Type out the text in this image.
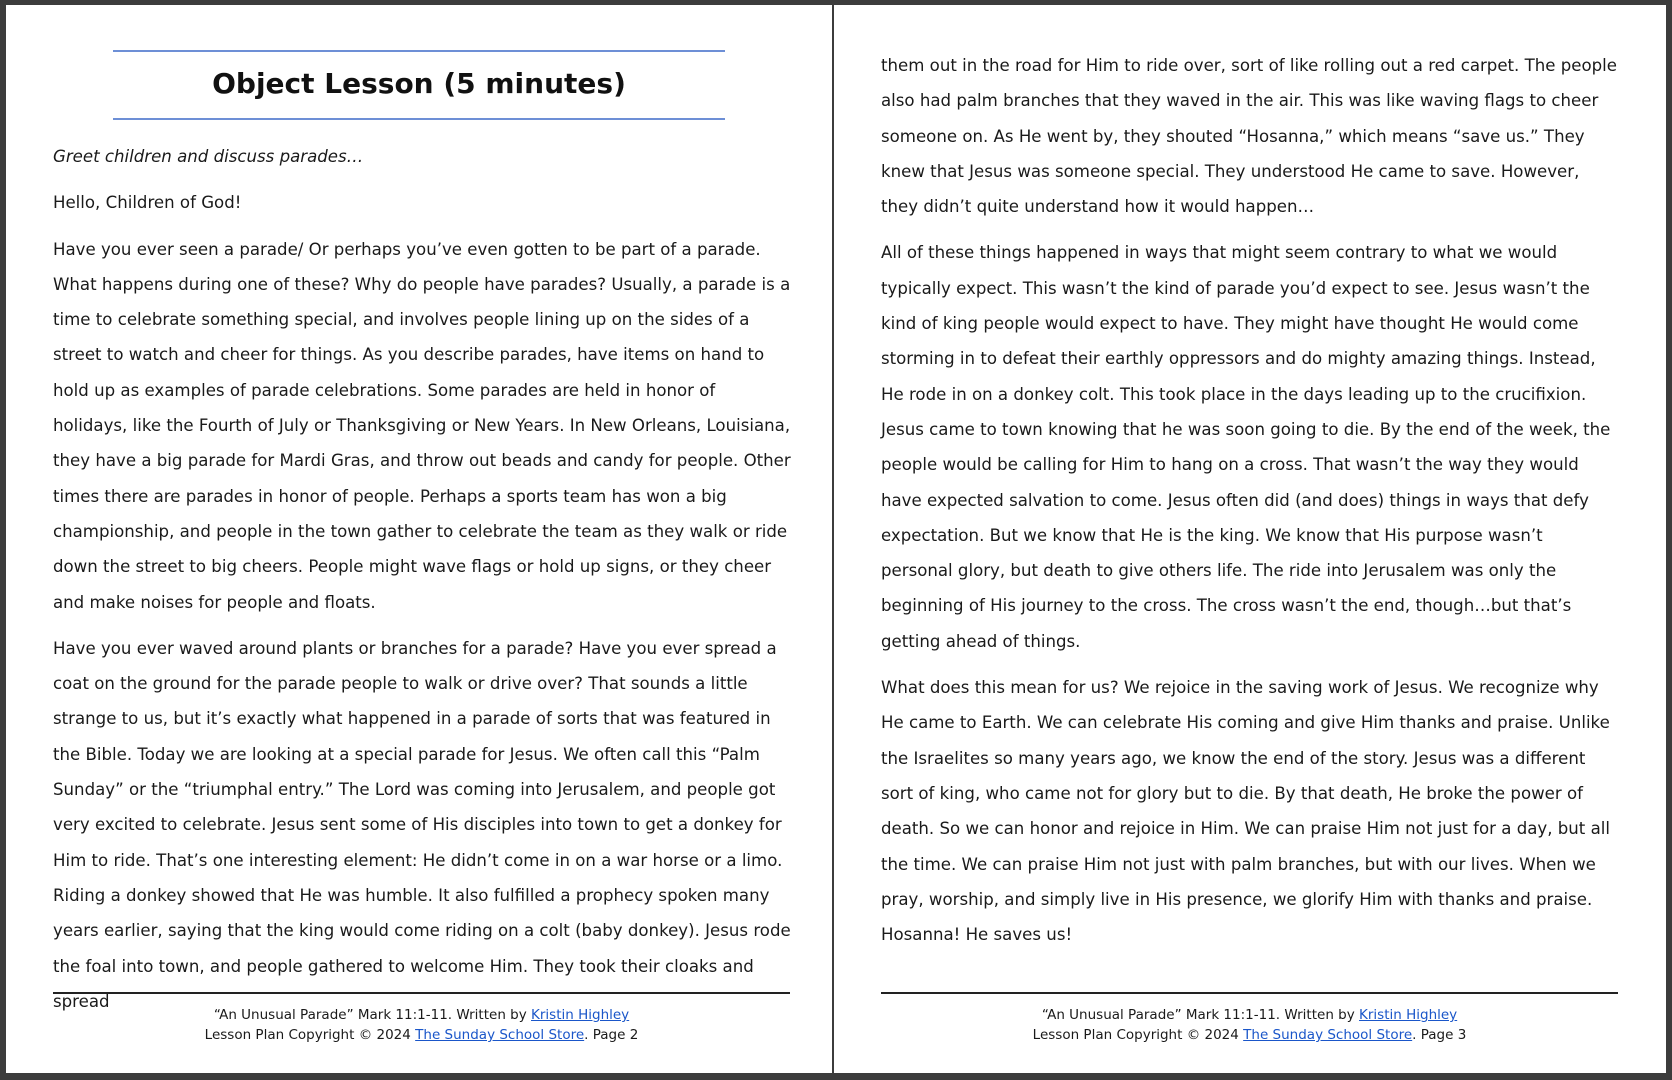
Object Lesson (5 minutes)

Greet children and discuss parades…

Hello, Children of God!

Have you ever seen a parade/ Or perhaps you’ve even gotten to be part of a parade. What happens during one of these? Why do people have parades? Usually, a parade is a time to celebrate something special, and involves people lining up on the sides of a street to watch and cheer for things. As you describe parades, have items on hand to hold up as examples of parade celebrations. Some parades are held in honor of holidays, like the Fourth of July or Thanksgiving or New Years. In New Orleans, Louisiana, they have a big parade for Mardi Gras, and throw out beads and candy for people. Other times there are parades in honor of people. Perhaps a sports team has won a big championship, and people in the town gather to celebrate the team as they walk or ride down the street to big cheers. People might wave flags or hold up signs, or they cheer and make noises for people and floats.

Have you ever waved around plants or branches for a parade? Have you ever spread a coat on the ground for the parade people to walk or drive over? That sounds a little strange to us, but it’s exactly what happened in a parade of sorts that was featured in the Bible. Today we are looking at a special parade for Jesus. We often call this “Palm Sunday” or the “triumphal entry.” The Lord was coming into Jerusalem, and people got very excited to celebrate. Jesus sent some of His disciples into town to get a donkey for Him to ride. That’s one interesting element: He didn’t come in on a war horse or a limo. Riding a donkey showed that He was humble. It also fulfilled a prophecy spoken many years earlier, saying that the king would come riding on a colt (baby donkey). Jesus rode the foal into town, and people gathered to welcome Him. They took their cloaks and spread

“An Unusual Parade” Mark 11:1-11. Written by Kristin Highley
Lesson Plan Copyright © 2024 The Sunday School Store. Page 2

them out in the road for Him to ride over, sort of like rolling out a red carpet. The people also had palm branches that they waved in the air. This was like waving flags to cheer someone on. As He went by, they shouted “Hosanna,” which means “save us.” They knew that Jesus was someone special. They understood He came to save. However, they didn’t quite understand how it would happen…

All of these things happened in ways that might seem contrary to what we would typically expect. This wasn’t the kind of parade you’d expect to see. Jesus wasn’t the kind of king people would expect to have. They might have thought He would come storming in to defeat their earthly oppressors and do mighty amazing things. Instead, He rode in on a donkey colt. This took place in the days leading up to the crucifixion. Jesus came to town knowing that he was soon going to die. By the end of the week, the people would be calling for Him to hang on a cross. That wasn’t the way they would have expected salvation to come. Jesus often did (and does) things in ways that defy expectation. But we know that He is the king. We know that His purpose wasn’t personal glory, but death to give others life. The ride into Jerusalem was only the beginning of His journey to the cross. The cross wasn’t the end, though…but that’s getting ahead of things.

What does this mean for us? We rejoice in the saving work of Jesus. We recognize why He came to Earth. We can celebrate His coming and give Him thanks and praise. Unlike the Israelites so many years ago, we know the end of the story. Jesus was a different sort of king, who came not for glory but to die. By that death, He broke the power of death. So we can honor and rejoice in Him. We can praise Him not just for a day, but all the time. We can praise Him not just with palm branches, but with our lives. When we pray, worship, and simply live in His presence, we glorify Him with thanks and praise. Hosanna! He saves us!

“An Unusual Parade” Mark 11:1-11. Written by Kristin Highley
Lesson Plan Copyright © 2024 The Sunday School Store. Page 3
